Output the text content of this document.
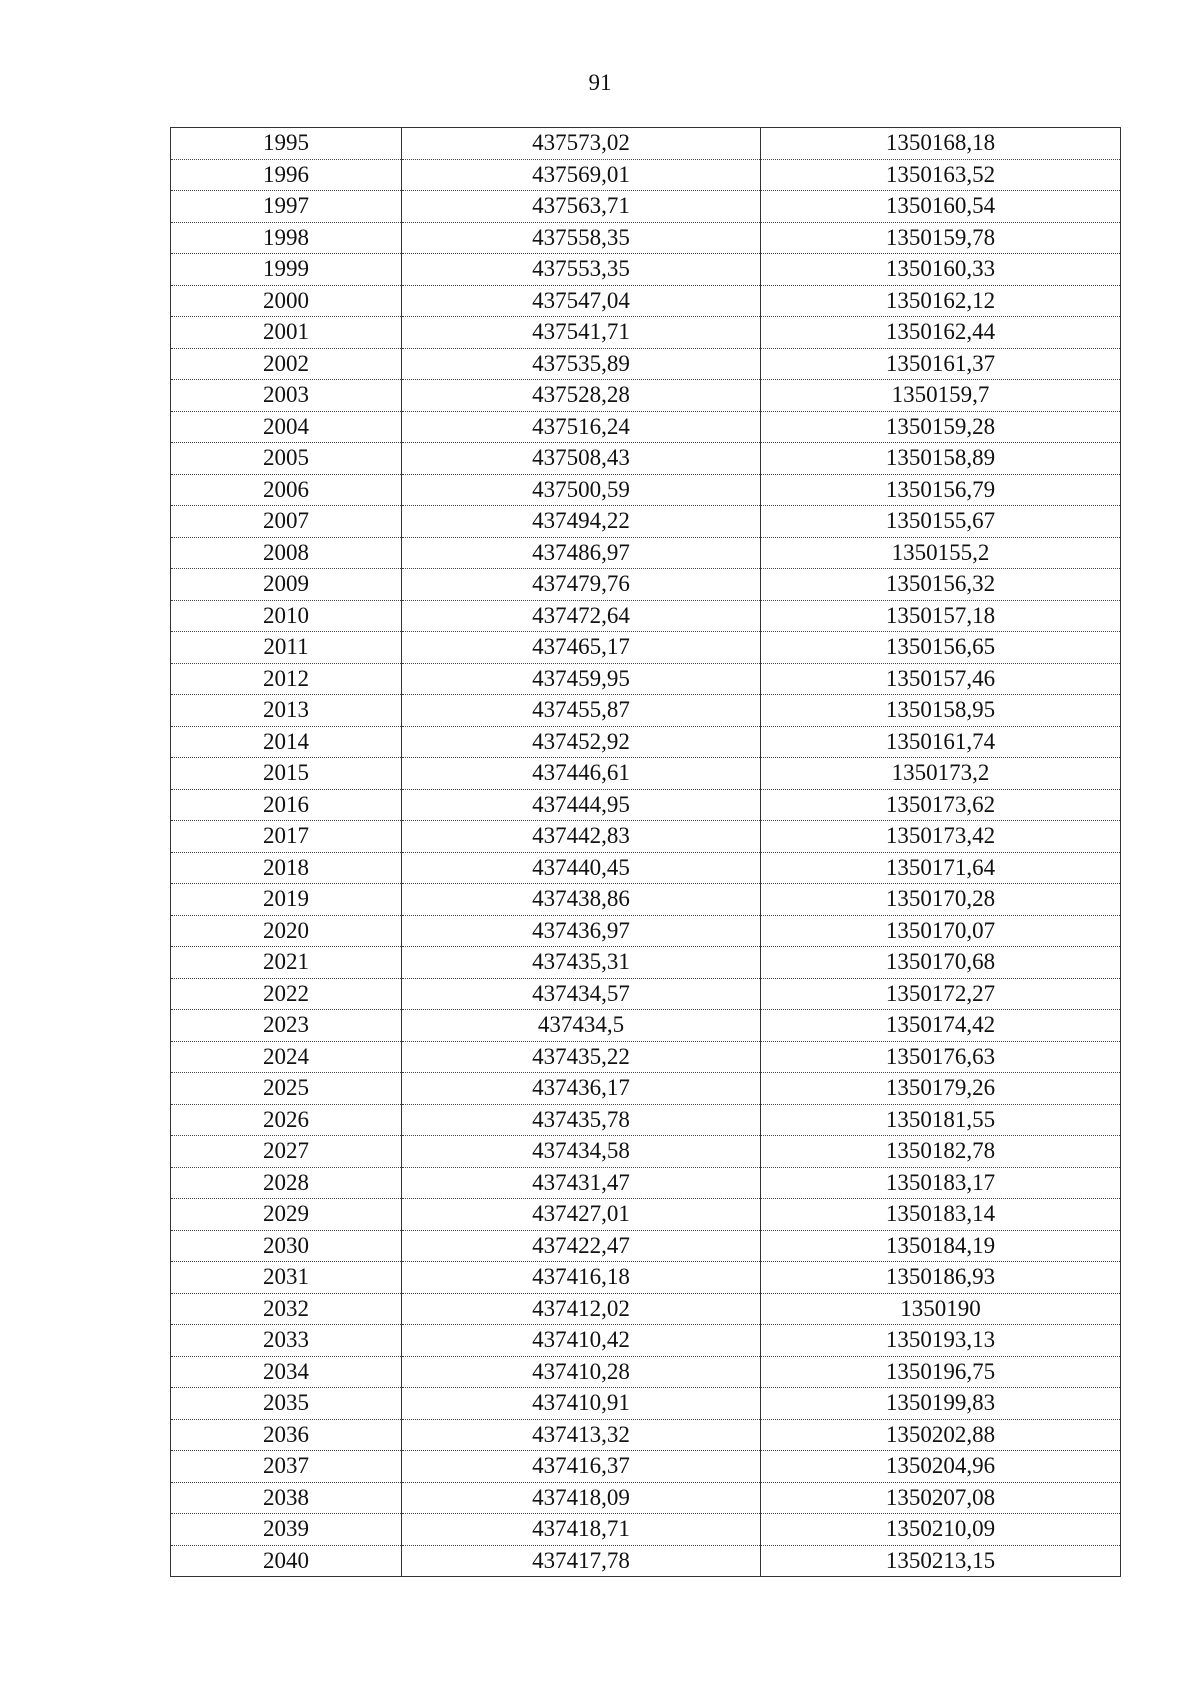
91
1995	437573,02	1350168,18
1996	437569,01	1350163,52
1997	437563,71	1350160,54
1998	437558,35	1350159,78
1999	437553,35	1350160,33
2000	437547,04	1350162,12
2001	437541,71	1350162,44
2002	437535,89	1350161,37
2003	437528,28	1350159,7
2004	437516,24	1350159,28
2005	437508,43	1350158,89
2006	437500,59	1350156,79
2007	437494,22	1350155,67
2008	437486,97	1350155,2
2009	437479,76	1350156,32
2010	437472,64	1350157,18
2011	437465,17	1350156,65
2012	437459,95	1350157,46
2013	437455,87	1350158,95
2014	437452,92	1350161,74
2015	437446,61	1350173,2
2016	437444,95	1350173,62
2017	437442,83	1350173,42
2018	437440,45	1350171,64
2019	437438,86	1350170,28
2020	437436,97	1350170,07
2021	437435,31	1350170,68
2022	437434,57	1350172,27
2023	437434,5	1350174,42
2024	437435,22	1350176,63
2025	437436,17	1350179,26
2026	437435,78	1350181,55
2027	437434,58	1350182,78
2028	437431,47	1350183,17
2029	437427,01	1350183,14
2030	437422,47	1350184,19
2031	437416,18	1350186,93
2032	437412,02	1350190
2033	437410,42	1350193,13
2034	437410,28	1350196,75
2035	437410,91	1350199,83
2036	437413,32	1350202,88
2037	437416,37	1350204,96
2038	437418,09	1350207,08
2039	437418,71	1350210,09
2040	437417,78	1350213,15
